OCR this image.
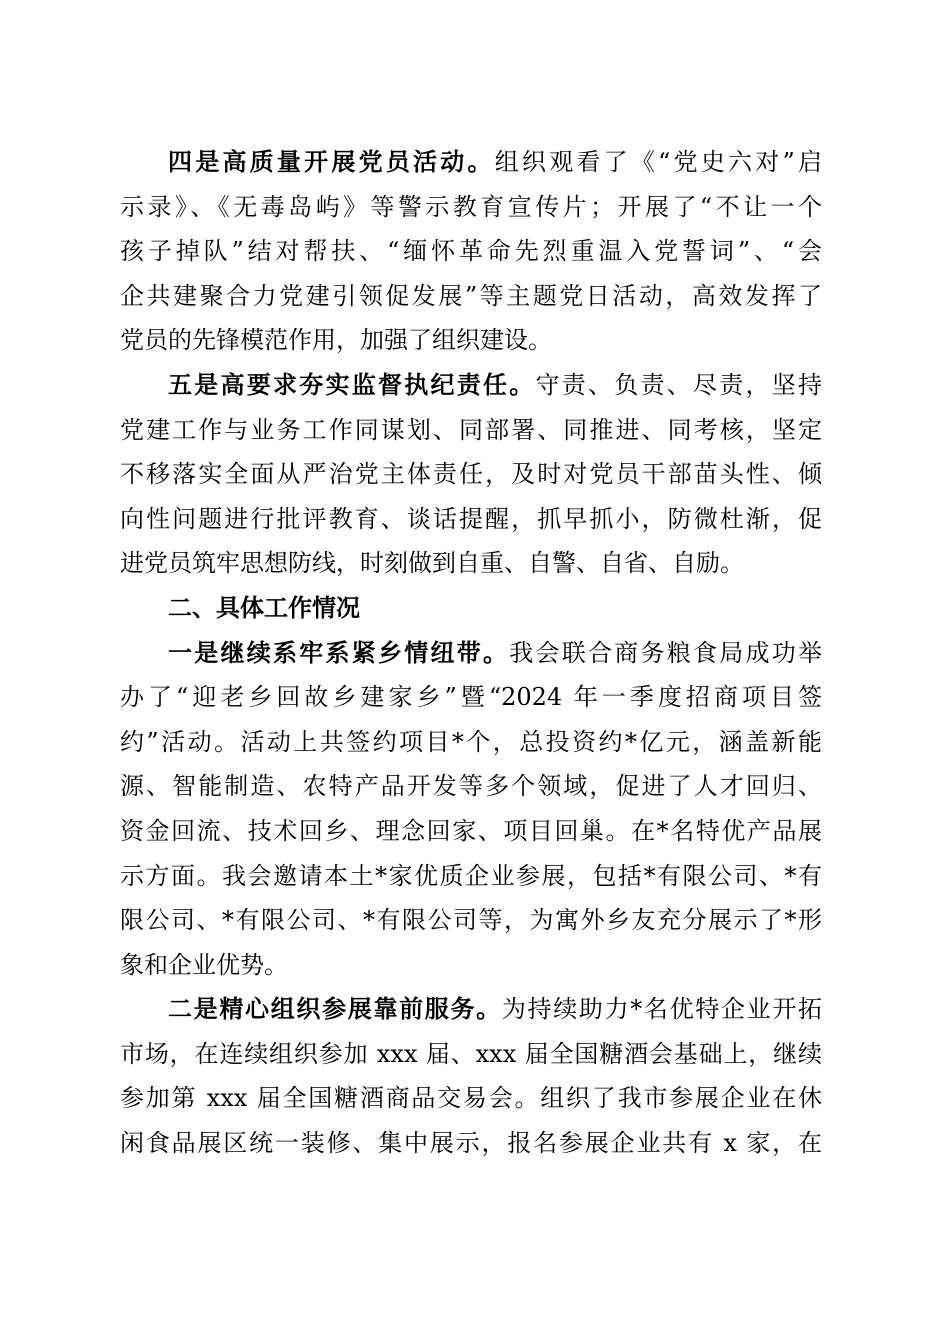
四是高质量开展党员活动。组织观看了《“党史六对”启
示录》、《无毒岛屿》等警示教育宣传片；开展了“不让一个
孩子掉队”结对帮扶、“缅怀革命先烈重温入党誓词”、“会
企共建聚合力党建引领促发展”等主题党日活动，高效发挥了
党员的先锋模范作用，加强了组织建设。
五是高要求夯实监督执纪责任。守责、负责、尽责，坚持
党建工作与业务工作同谋划、同部署、同推进、同考核，坚定
不移落实全面从严治党主体责任，及时对党员干部苗头性、倾
向性问题进行批评教育、谈话提醒，抓早抓小，防微杜渐，促
进党员筑牢思想防线，时刻做到自重、自警、自省、自励。
二、具体工作情况
一是继续系牢系紧乡情纽带。我会联合商务粮食局成功举
办了“迎老乡回故乡建家乡”暨“2024 年一季度招商项目签
约”活动。活动上共签约项目*个，总投资约*亿元，涵盖新能
源、智能制造、农特产品开发等多个领域，促进了人才回归、
资金回流、技术回乡、理念回家、项目回巢。在*名特优产品展
示方面。我会邀请本土*家优质企业参展，包括*有限公司、*有
限公司、*有限公司、*有限公司等，为寓外乡友充分展示了*形
象和企业优势。
二是精心组织参展靠前服务。为持续助力*名优特企业开拓
市场，在连续组织参加 xxx 届、xxx 届全国糖酒会基础上，继续
参加第 xxx 届全国糖酒商品交易会。组织了我市参展企业在休
闲食品展区统一装修、集中展示，报名参展企业共有 x 家，在
